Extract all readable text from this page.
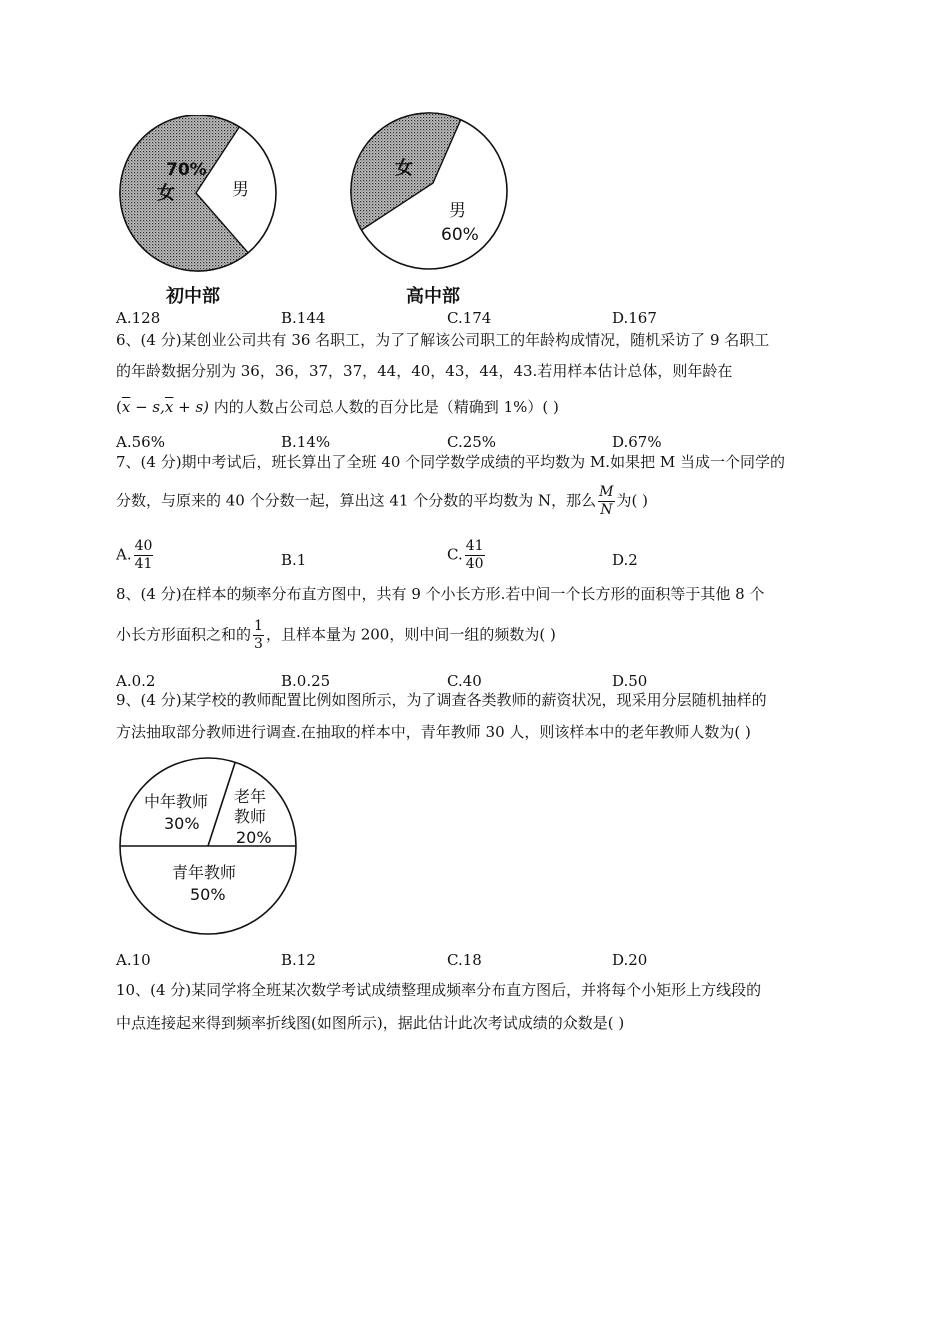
70%
女	男
初中部
女
男
60%
高中部
A.128	B.144	C.174	D.167
6、(4 分)某创业公司共有 36 名职工，为了了解该公司职工的年龄构成情况，随机采访了 9 名职工
的年龄数据分别为 36，36，37，37，44，40，43，44，43.若用样本估计总体，则年龄在
$(\overline{x} - s,\overline{x} + s)$ 内的人数占公司总人数的百分比是（精确到 1%）( )
A.56%	B.14%	C.25%	D.67%
7、(4 分)期中考试后，班长算出了全班 40 个同学数学成绩的平均数为 M.如果把 M 当成一个同学的
分数，与原来的 40 个分数一起，算出这 41 个分数的平均数为 N，那么 $\frac{M}{N}$ 为( )
A. $\frac{40}{41}$	B.1	C. $\frac{41}{40}$	D.2
8、(4 分)在样本的频率分布直方图中，共有 9 个小长方形.若中间一个长方形的面积等于其他 8 个
小长方形面积之和的 $\frac{1}{3}$ ，且样本量为 200，则中间一组的频数为( )
A.0.2	B.0.25	C.40	D.50
9、(4 分)某学校的教师配置比例如图所示，为了调查各类教师的薪资状况，现采用分层随机抽样的
方法抽取部分教师进行调查.在抽取的样本中，青年教师 30 人，则该样本中的老年教师人数为( )
中年教师
30%
老年
教师
20%
青年教师
50%
A.10	B.12	C.18	D.20
10、(4 分)某同学将全班某次数学考试成绩整理成频率分布直方图后，并将每个小矩形上方线段的
中点连接起来得到频率折线图(如图所示)，据此估计此次考试成绩的众数是( )
